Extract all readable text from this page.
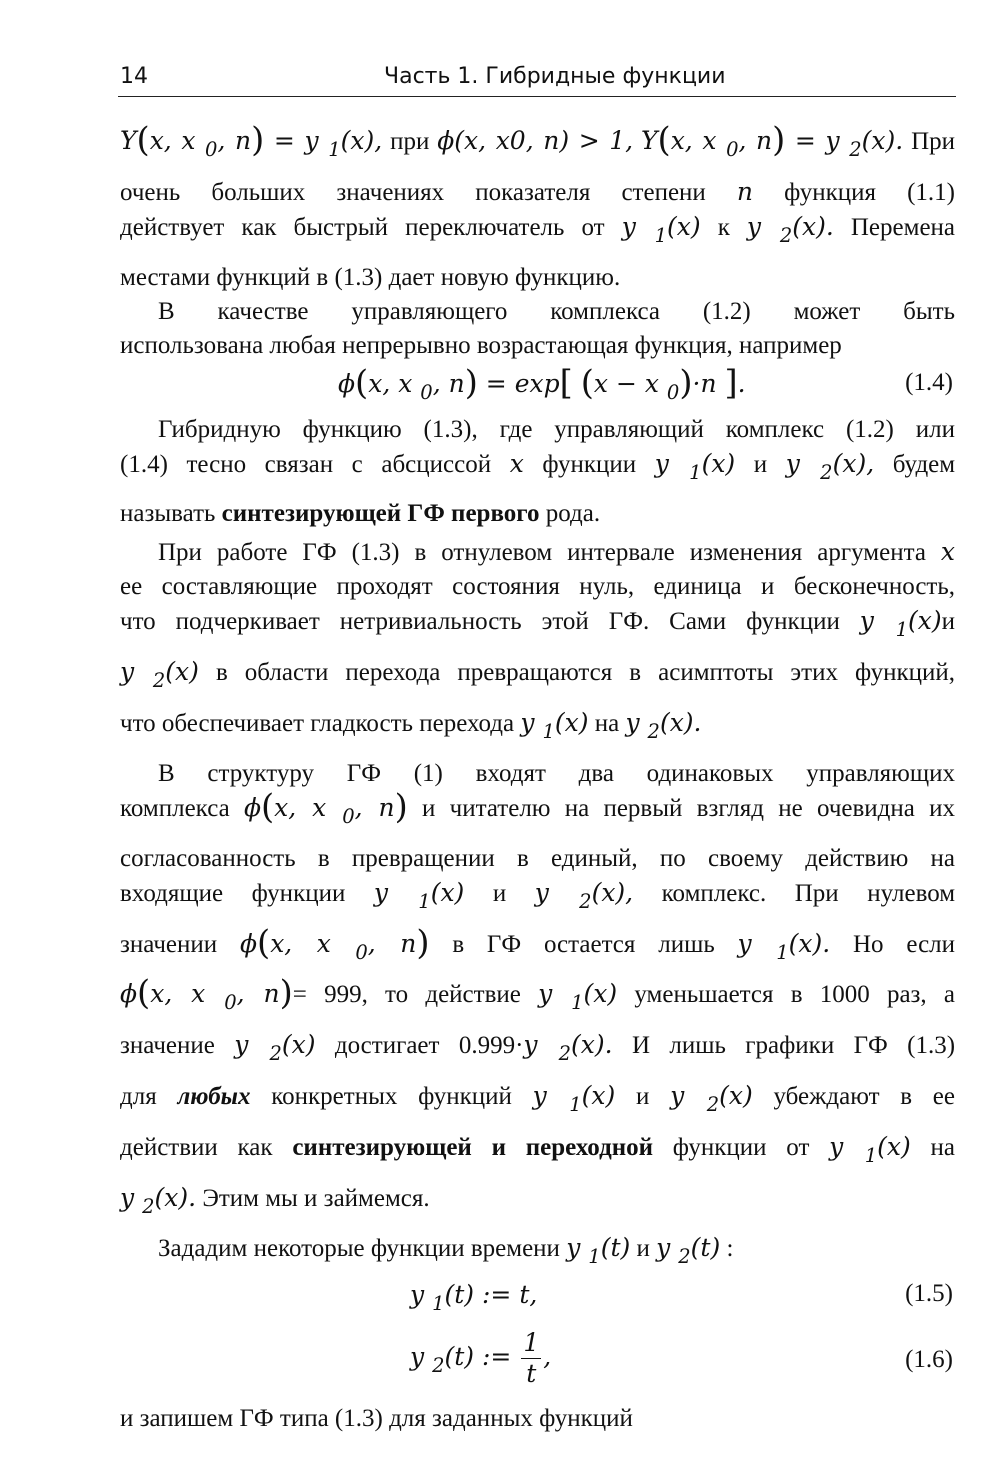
14	Часть 1. Гибридные функции

Y(x, x $_0$, n) = y $_1$(x), при ϕ(x, x0, n) > 1, Y(x, x $_0$, n) = y $_2$(x). При

очень больших значениях показателя степени n функция (1.1)

действует как быстрый переключатель от y $_1$(x) к y $_2$(x). Перемена

местами функций в (1.3) дает новую функцию.

В качестве управляющего комплекса (1.2) может быть

использована любая непрерывно возрастающая функция, например

ϕ(x, x $_0$, n) = exp[ (x − x $_0$)·n ].	(1.4)

Гибридную функцию (1.3), где управляющий комплекс (1.2) или

(1.4) тесно связан с абсциссой x функции y $_1$(x) и y $_2$(x), будем

называть синтезирующей ГФ первого рода.

При работе ГФ (1.3) в отнулевом интервале изменения аргумента x

ее составляющие проходят состояния нуль, единица и бесконечность,

что подчеркивает нетривиальность этой ГФ. Сами функции y $_1$(x)и

y $_2$(x) в области перехода превращаются в асимптоты этих функций,

что обеспечивает гладкость перехода y $_1$(x) на y $_2$(x).

В структуру ГФ (1) входят два одинаковых управляющих

комплекса ϕ(x, x $_0$, n) и читателю на первый взгляд не очевидна их

согласованность в превращении в единый, по своему действию на

входящие функции y $_1$(x) и y $_2$(x), комплекс. При нулевом

значении ϕ(x, x $_0$, n) в ГФ остается лишь y $_1$(x). Но если

ϕ(x, x $_0$, n)= 999, то действие y $_1$(x) уменьшается в 1000 раз, а

значение y $_2$(x) достигает 0.999·y $_2$(x). И лишь графики ГФ (1.3)

для любых конкретных функций y $_1$(x) и y $_2$(x) убеждают в ее

действии как синтезирующей и переходной функции от y $_1$(x) на

y $_2$(x). Этим мы и займемся.

Зададим некоторые функции времени y $_1$(t) и y $_2$(t) :

y $_1$(t) := t,	(1.5)
y $_2$(t) := $\frac{1}{t}$ ,	(1.6)

и запишем ГФ типа (1.3) для заданных функций
